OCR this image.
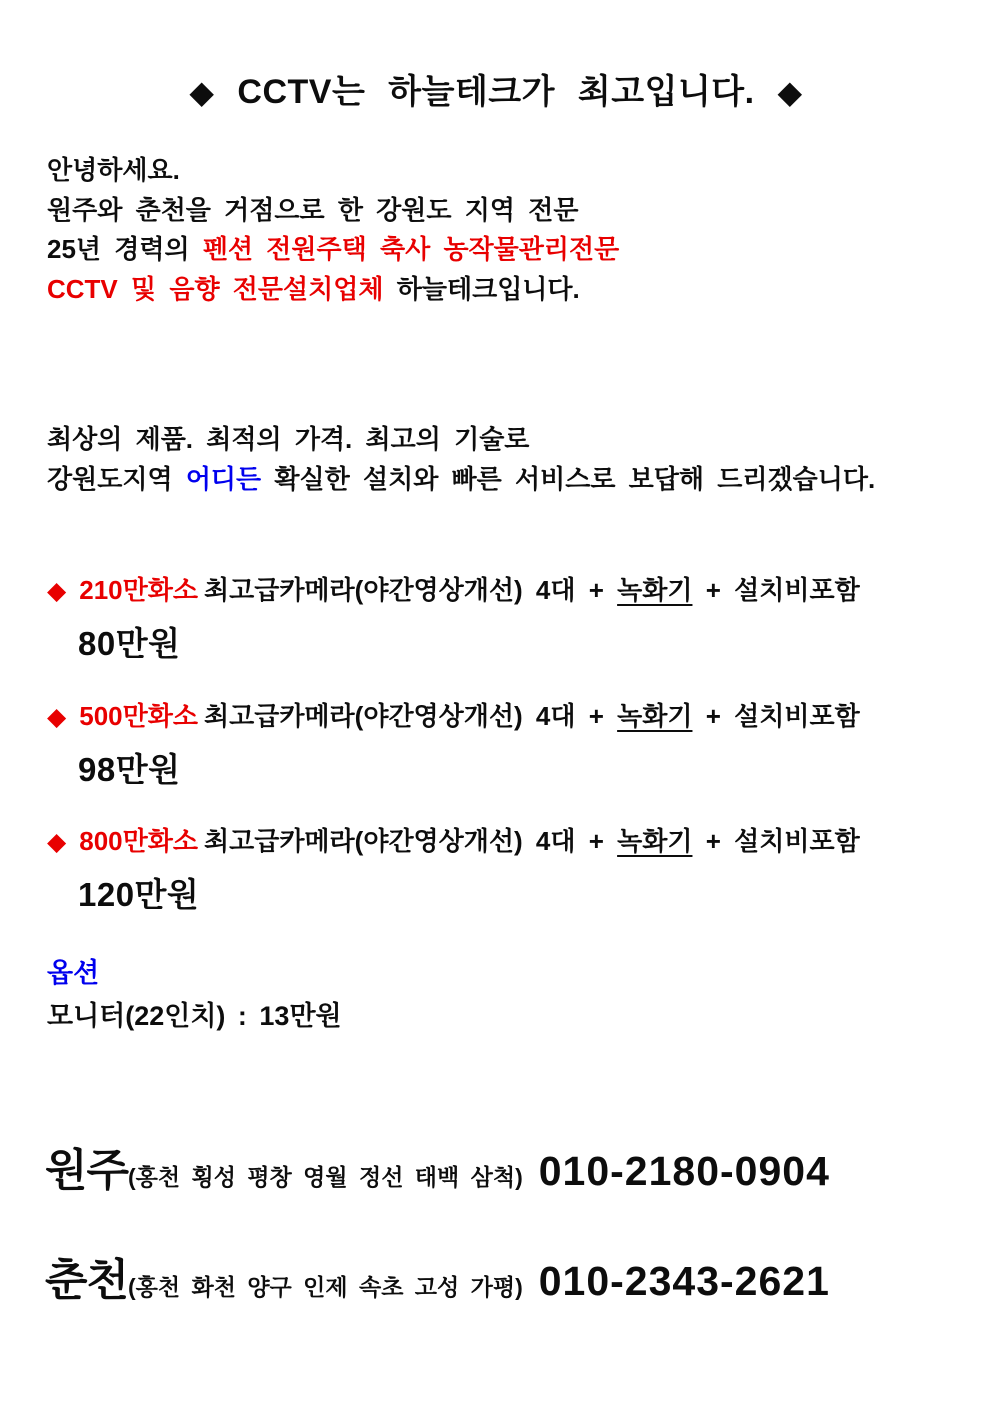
◆ CCTV는 하늘테크가 최고입니다. ◆
안녕하세요.
원주와 춘천을 거점으로 한 강원도 지역 전문
25년 경력의 펜션 전원주택 축사 농작물관리전문
CCTV 및 음향 전문설치업체 하늘테크입니다.
최상의 제품. 최적의 가격. 최고의 기술로
강원도지역 어디든 확실한 설치와 빠른 서비스로 보답해 드리겠습니다.
◆ 210만화소 최고급카메라(야간영상개선) 4대 + 녹화기 + 설치비포함
80만원
◆ 500만화소 최고급카메라(야간영상개선) 4대 + 녹화기 + 설치비포함
98만원
◆ 800만화소 최고급카메라(야간영상개선) 4대 + 녹화기 + 설치비포함
120만원
옵션
모니터(22인치) : 13만원
원주(홍천 횡성 평창 영월 정선 태백 삼척) 010-2180-0904
춘천(홍천 화천 양구 인제 속초 고성 가평) 010-2343-2621
